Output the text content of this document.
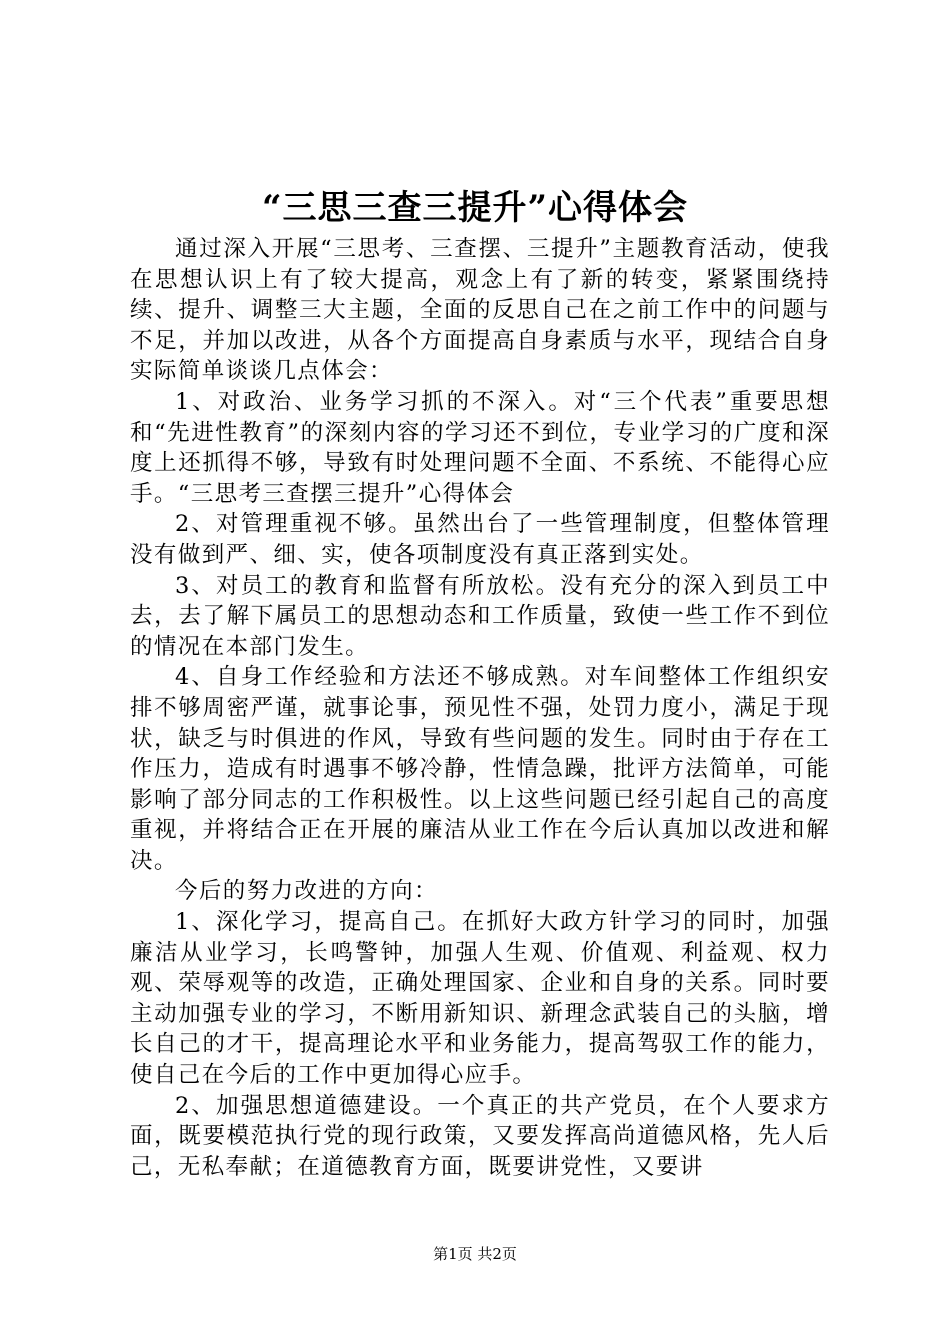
“三思三查三提升”心得体会

通过深入开展“三思考、三查摆、三提升”主题教育活动，使我在思想认识上有了较大提高，观念上有了新的转变，紧紧围绕持续、提升、调整三大主题，全面的反思自己在之前工作中的问题与不足，并加以改进，从各个方面提高自身素质与水平，现结合自身实际简单谈谈几点体会：

1、对政治、业务学习抓的不深入。对“三个代表”重要思想和“先进性教育”的深刻内容的学习还不到位，专业学习的广度和深度上还抓得不够，导致有时处理问题不全面、不系统、不能得心应手。“三思考三查摆三提升”心得体会

2、对管理重视不够。虽然出台了一些管理制度，但整体管理没有做到严、细、实，使各项制度没有真正落到实处。

3、对员工的教育和监督有所放松。没有充分的深入到员工中去，去了解下属员工的思想动态和工作质量，致使一些工作不到位的情况在本部门发生。

4、自身工作经验和方法还不够成熟。对车间整体工作组织安排不够周密严谨，就事论事，预见性不强，处罚力度小，满足于现状，缺乏与时俱进的作风，导致有些问题的发生。同时由于存在工作压力，造成有时遇事不够冷静，性情急躁，批评方法简单，可能影响了部分同志的工作积极性。以上这些问题已经引起自己的高度重视，并将结合正在开展的廉洁从业工作在今后认真加以改进和解决。

今后的努力改进的方向：

1、深化学习，提高自己。在抓好大政方针学习的同时，加强廉洁从业学习，长鸣警钟，加强人生观、价值观、利益观、权力观、荣辱观等的改造，正确处理国家、企业和自身的关系。同时要主动加强专业的学习，不断用新知识、新理念武装自己的头脑，增长自己的才干，提高理论水平和业务能力，提高驾驭工作的能力，使自己在今后的工作中更加得心应手。

2、加强思想道德建设。一个真正的共产党员，在个人要求方面，既要模范执行党的现行政策，又要发挥高尚道德风格，先人后己，无私奉献；在道德教育方面，既要讲党性，又要讲

第1页 共2页
